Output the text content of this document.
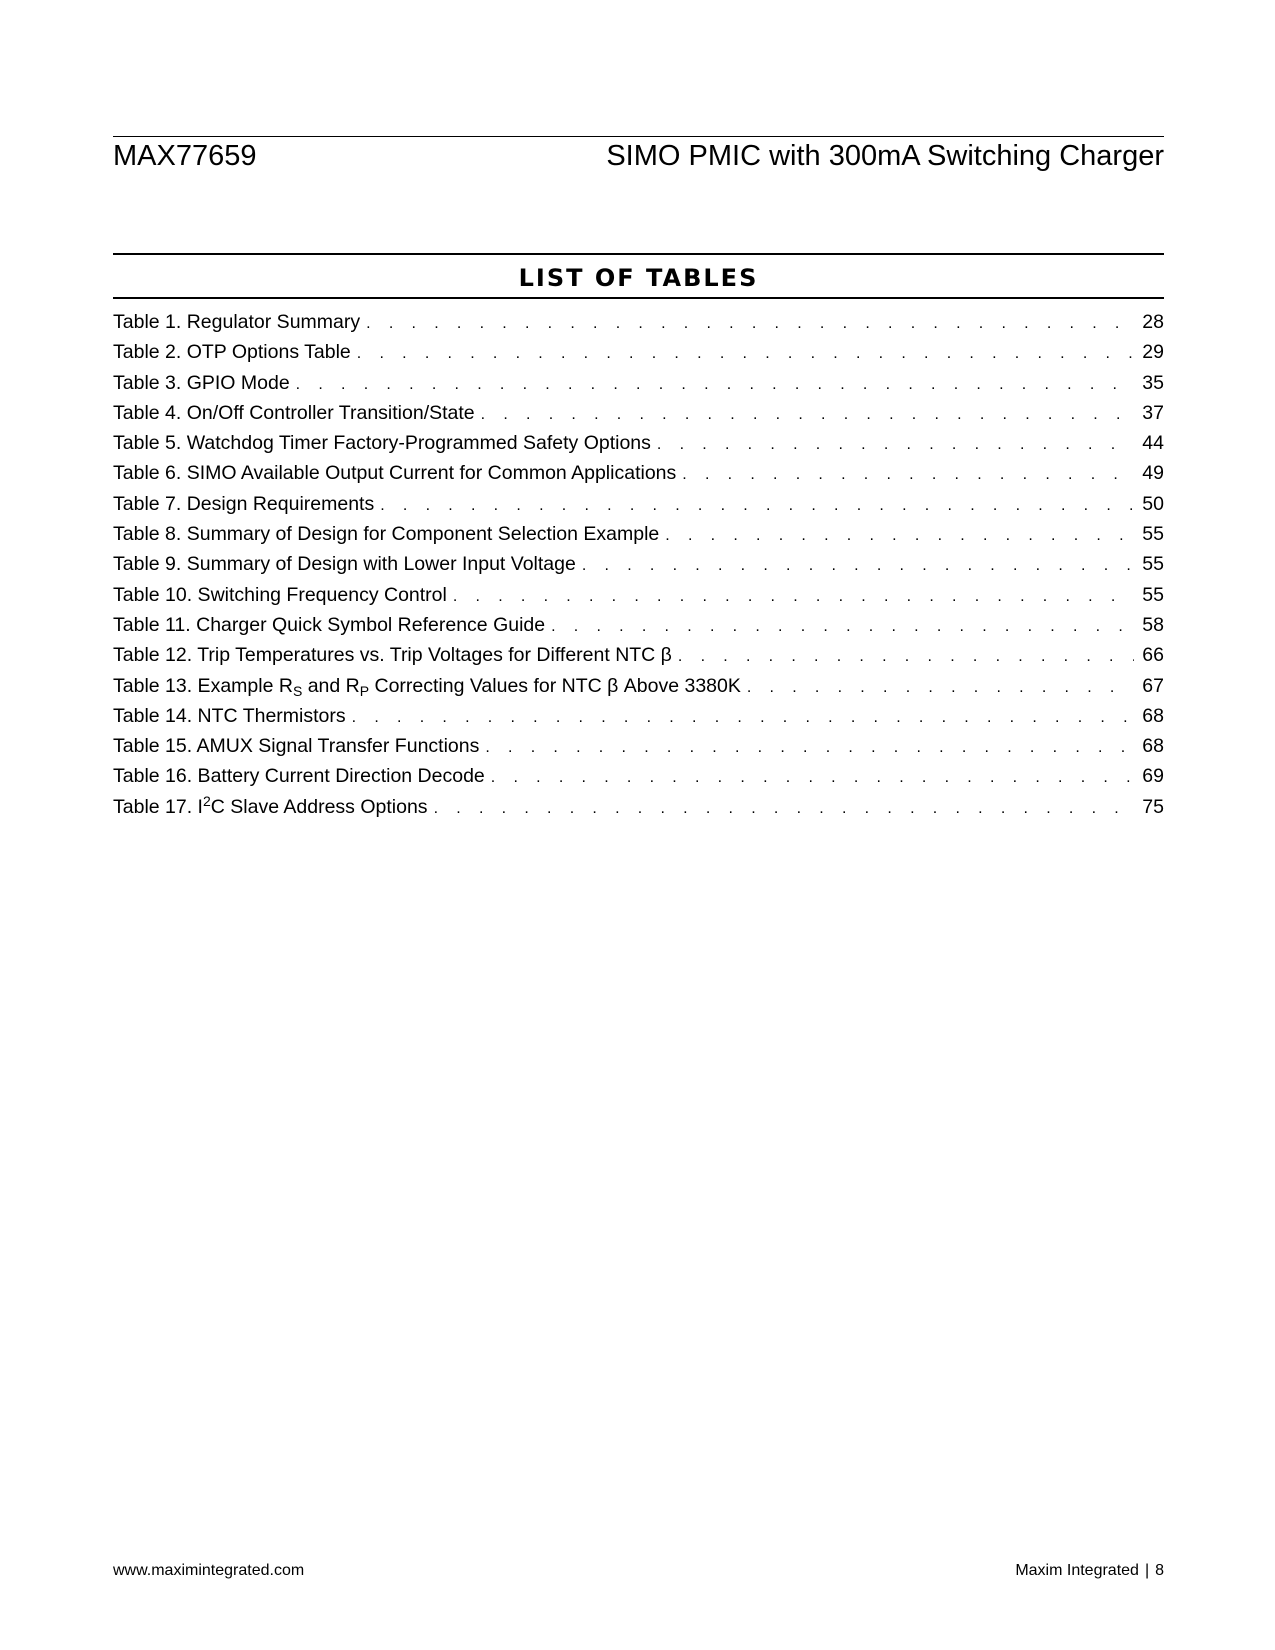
MAX77659	SIMO PMIC with 300mA Switching Charger
LIST OF TABLES
Table 1. Regulator Summary . . .	28
Table 2. OTP Options Table . . .	29
Table 3. GPIO Mode . . .	35
Table 4. On/Off Controller Transition/State . . .	37
Table 5. Watchdog Timer Factory-Programmed Safety Options . . .	44
Table 6. SIMO Available Output Current for Common Applications . . .	49
Table 7. Design Requirements . . .	50
Table 8. Summary of Design for Component Selection Example . . .	55
Table 9. Summary of Design with Lower Input Voltage . . .	55
Table 10. Switching Frequency Control . . .	55
Table 11. Charger Quick Symbol Reference Guide . . .	58
Table 12. Trip Temperatures vs. Trip Voltages for Different NTC β . . .	66
Table 13. Example $R_S$ and $R_P$ Correcting Values for NTC β Above 3380K . . .	67
Table 14. NTC Thermistors . . .	68
Table 15. AMUX Signal Transfer Functions . . .	68
Table 16. Battery Current Direction Decode . . .	69
Table 17. $I^2C$ Slave Address Options . . .	75
www.maximintegrated.com	Maxim Integrated | 8
